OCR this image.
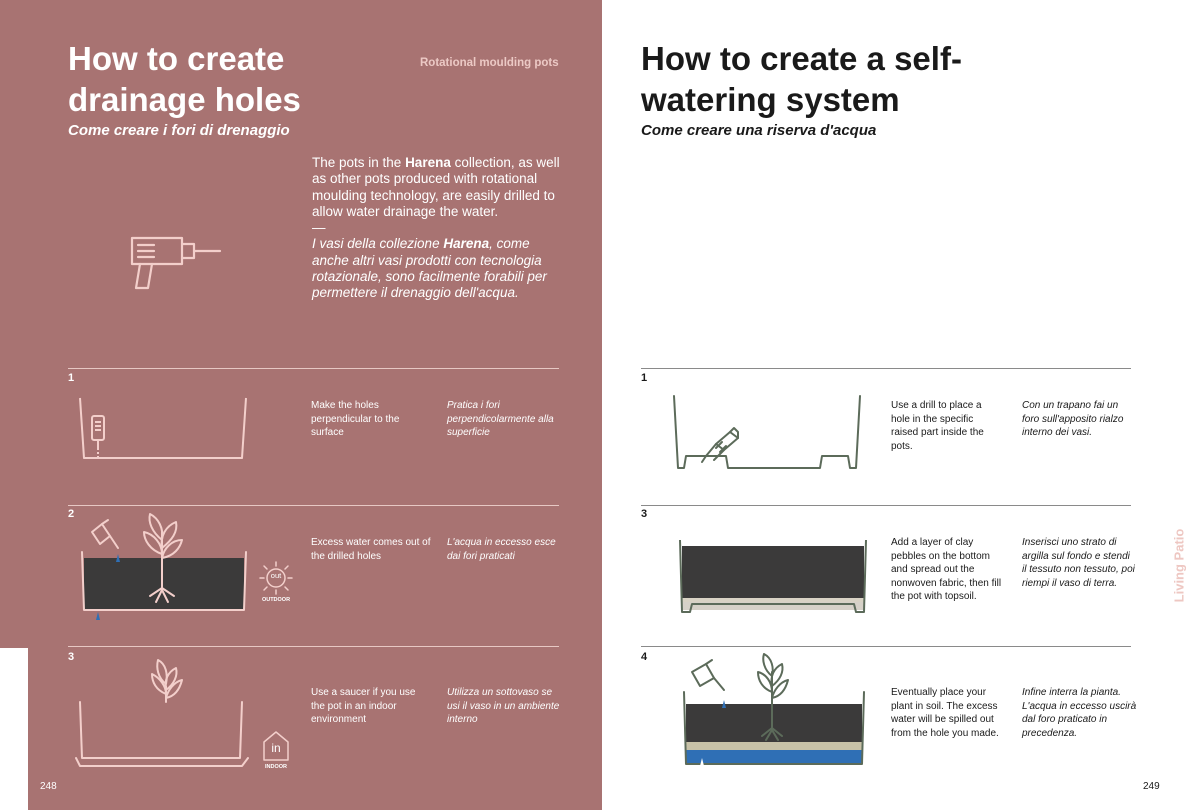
How to create drainage holes
Come creare i fori di drenaggio
Rotational moulding pots

The pots in the Harena collection, as well as other pots produced with rotational moulding technology, are easily drilled to allow water drainage the water.

—

I vasi della collezione Harena, come anche altri vasi prodotti con tecnologia rotazionale, sono facilmente forabili per permettere il drenaggio dell'acqua.

1
Make the holes perpendicular to the surface
Pratica i fori perpendicolarmente alla superficie
2
out
OUTDOOR
Excess water comes out of the drilled holes
L'acqua in eccesso esce dai fori praticati
3
in
INDOOR
Use a saucer if you use the pot in an indoor environment
Utilizza un sottovaso se usi il vaso in un ambiente interno
248
How to create a self-watering system
Come creare una riserva d'acqua
1
Use a drill to place a hole in the specific raised part inside the pots.
Con un trapano fai un foro sull'apposito rialzo interno dei vasi.
3
Add a layer of clay pebbles on the bottom and spread out the nonwoven fabric, then fill the pot with topsoil.
Inserisci uno strato di argilla sul fondo e stendi il tessuto non tessuto, poi riempi il vaso di terra.
4
Eventually place your plant in soil. The excess water will be spilled out from the hole you made.
Infine interra la pianta. L'acqua in eccesso uscirà dal foro praticato in precedenza.
Living Patio
249
